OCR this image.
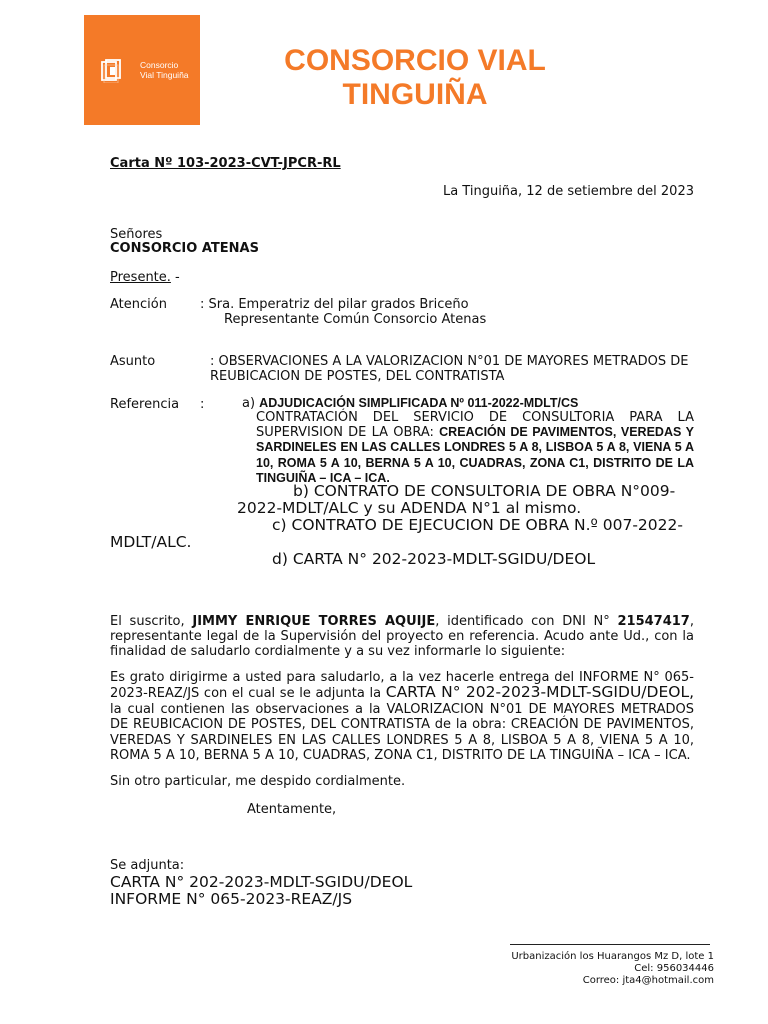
Consorcio
Vial Tinguiña	CONSORCIO VIAL
TINGUIÑA
Carta Nº 103-2023-CVT-JPCR-RL
La Tinguiña, 12 de setiembre del 2023
Señores
CONSORCIO ATENAS
Presente. -
Atención	: Sra. Emperatriz del pilar grados Briceño
Representante Común Consorcio Atenas
Asunto	: OBSERVACIONES A LA VALORIZACION N°01 DE MAYORES METRADOS DE
REUBICACION DE POSTES, DEL CONTRATISTA
Referencia :	a) ADJUDICACIÓN SIMPLIFICADA Nº 011-2022-MDLT/CS
CONTRATACIÓN DEL SERVICIO DE CONSULTORIA PARA LA SUPERVISION DE LA OBRA: CREACIÓN DE PAVIMENTOS, VEREDAS Y SARDINELES EN LAS CALLES LONDRES 5 A 8, LISBOA 5 A 8, VIENA 5 A 10, ROMA 5 A 10, BERNA 5 A 10, CUADRAS, ZONA C1, DISTRITO DE LA TINGUIÑA – ICA – ICA.
b) CONTRATO DE CONSULTORIA DE OBRA N°009-
2022-MDLT/ALC y su ADENDA N°1 al mismo.
c) CONTRATO DE EJECUCION DE OBRA N.º 007-2022-
MDLT/ALC.
d) CARTA N° 202-2023-MDLT-SGIDU/DEOL
El suscrito, JIMMY ENRIQUE TORRES AQUIJE, identificado con DNI N° 21547417, representante legal de la Supervisión del proyecto en referencia. Acudo ante Ud., con la finalidad de saludarlo cordialmente y a su vez informarle lo siguiente:
Es grato dirigirme a usted para saludarlo, a la vez hacerle entrega del INFORME N° 065-2023-REAZ/JS con el cual se le adjunta la CARTA N° 202-2023-MDLT-SGIDU/DEOL, la cual contienen las observaciones a la VALORIZACION N°01 DE MAYORES METRADOS DE REUBICACION DE POSTES, DEL CONTRATISTA de la obra: CREACIÓN DE PAVIMENTOS, VEREDAS Y SARDINELES EN LAS CALLES LONDRES 5 A 8, LISBOA 5 A 8, VIENA 5 A 10, ROMA 5 A 10, BERNA 5 A 10, CUADRAS, ZONA C1, DISTRITO DE LA TINGUIÑA – ICA – ICA.
Sin otro particular, me despido cordialmente.
Atentamente,
Se adjunta:
CARTA N° 202-2023-MDLT-SGIDU/DEOL
INFORME N° 065-2023-REAZ/JS
Urbanización los Huarangos Mz D, lote 1
Cel: 956034446
Correo: jta4@hotmail.com
